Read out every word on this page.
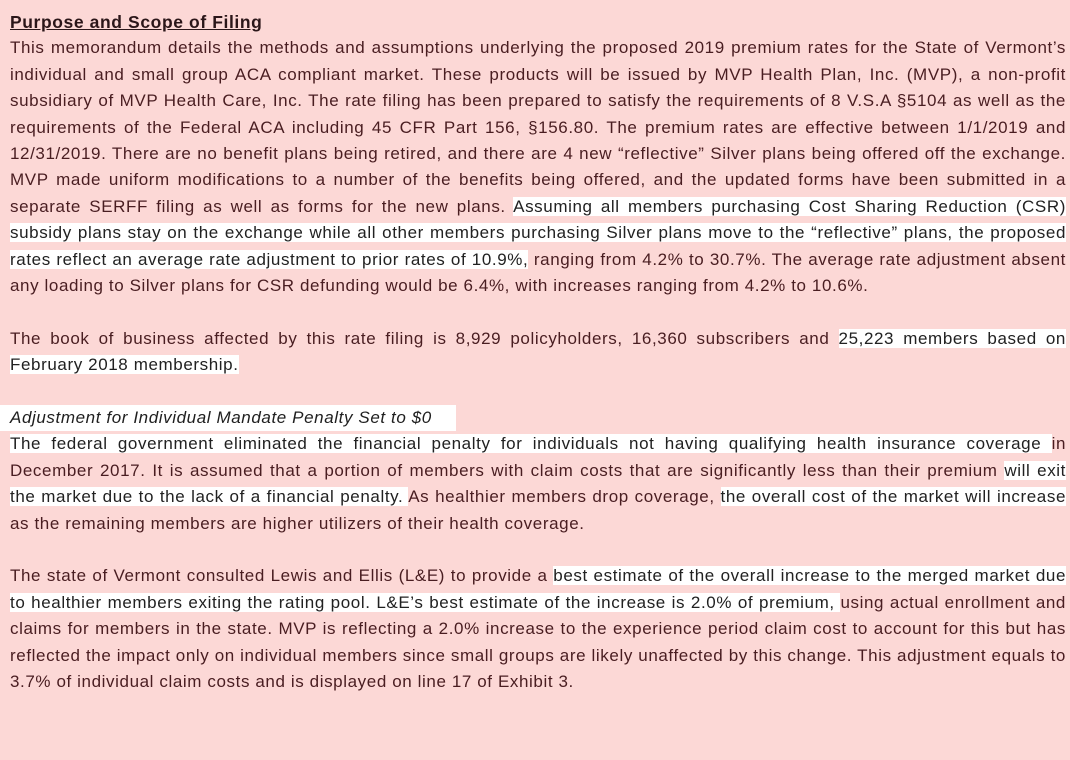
Purpose and Scope of Filing

This memorandum details the methods and assumptions underlying the proposed 2019 premium rates for the State of Vermont’s individual and small group ACA compliant market. These products will be issued by MVP Health Plan, Inc. (MVP), a non-profit subsidiary of MVP Health Care, Inc. The rate filing has been prepared to satisfy the requirements of 8 V.S.A §5104 as well as the requirements of the Federal ACA including 45 CFR Part 156, §156.80. The premium rates are effective between 1/1/2019 and 12/31/2019. There are no benefit plans being retired, and there are 4 new “reflective” Silver plans being offered off the exchange. MVP made uniform modifications to a number of the benefits being offered, and the updated forms have been submitted in a separate SERFF filing as well as forms for the new plans. Assuming all members purchasing Cost Sharing Reduction (CSR) subsidy plans stay on the exchange while all other members purchasing Silver plans move to the “reflective” plans, the proposed rates reflect an average rate adjustment to prior rates of 10.9%, ranging from 4.2% to 30.7%. The average rate adjustment absent any loading to Silver plans for CSR defunding would be 6.4%, with increases ranging from 4.2% to 10.6%.

The book of business affected by this rate filing is 8,929 policyholders, 16,360 subscribers and 25,223 members based on February 2018 membership.

Adjustment for Individual Mandate Penalty Set to $0

The federal government eliminated the financial penalty for individuals not having qualifying health insurance coverage in December 2017. It is assumed that a portion of members with claim costs that are significantly less than their premium will exit the market due to the lack of a financial penalty. As healthier members drop coverage, the overall cost of the market will increase as the remaining members are higher utilizers of their health coverage.

The state of Vermont consulted Lewis and Ellis (L&E) to provide a best estimate of the overall increase to the merged market due to healthier members exiting the rating pool. L&E’s best estimate of the increase is 2.0% of premium, using actual enrollment and claims for members in the state. MVP is reflecting a 2.0% increase to the experience period claim cost to account for this but has reflected the impact only on individual members since small groups are likely unaffected by this change. This adjustment equals to 3.7% of individual claim costs and is displayed on line 17 of Exhibit 3.
